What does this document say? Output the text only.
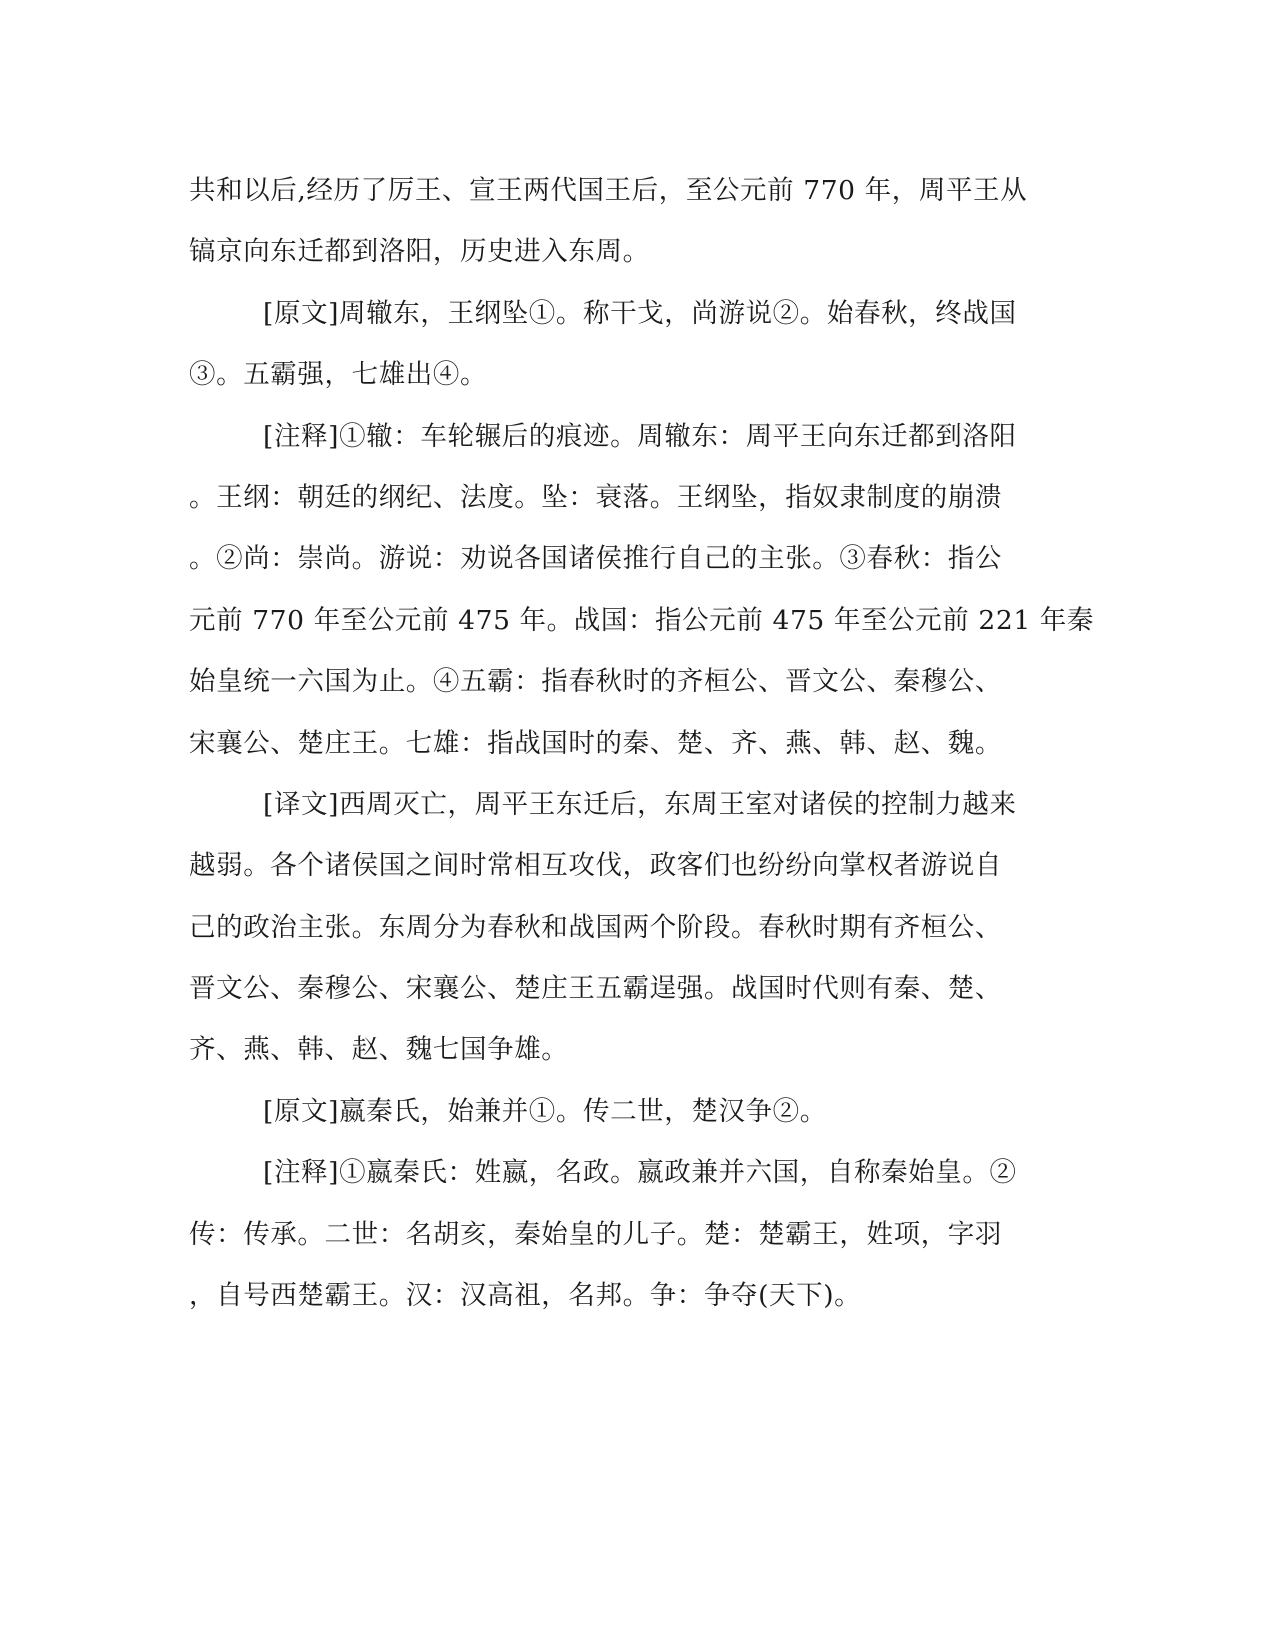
共和以后,经历了厉王、宣王两代国王后，至公元前 770 年，周平王从
镐京向东迁都到洛阳，历史进入东周。
[原文]周辙东，王纲坠①。称干戈，尚游说②。始春秋，终战国
③。五霸强，七雄出④。
[注释]①辙：车轮辗后的痕迹。周辙东：周平王向东迁都到洛阳
。王纲：朝廷的纲纪、法度。坠：衰落。王纲坠，指奴隶制度的崩溃
。②尚：崇尚。游说：劝说各国诸侯推行自己的主张。③春秋：指公
元前 770 年至公元前 475 年。战国：指公元前 475 年至公元前 221 年秦
始皇统一六国为止。④五霸：指春秋时的齐桓公、晋文公、秦穆公、
宋襄公、楚庄王。七雄：指战国时的秦、楚、齐、燕、韩、赵、魏。
[译文]西周灭亡，周平王东迁后，东周王室对诸侯的控制力越来
越弱。各个诸侯国之间时常相互攻伐，政客们也纷纷向掌权者游说自
己的政治主张。东周分为春秋和战国两个阶段。春秋时期有齐桓公、
晋文公、秦穆公、宋襄公、楚庄王五霸逞强。战国时代则有秦、楚、
齐、燕、韩、赵、魏七国争雄。
[原文]嬴秦氏，始兼并①。传二世，楚汉争②。
[注释]①嬴秦氏：姓嬴，名政。嬴政兼并六国，自称秦始皇。②
传：传承。二世：名胡亥，秦始皇的儿子。楚：楚霸王，姓项，字羽
，自号西楚霸王。汉：汉高祖，名邦。争：争夺(天下)。
